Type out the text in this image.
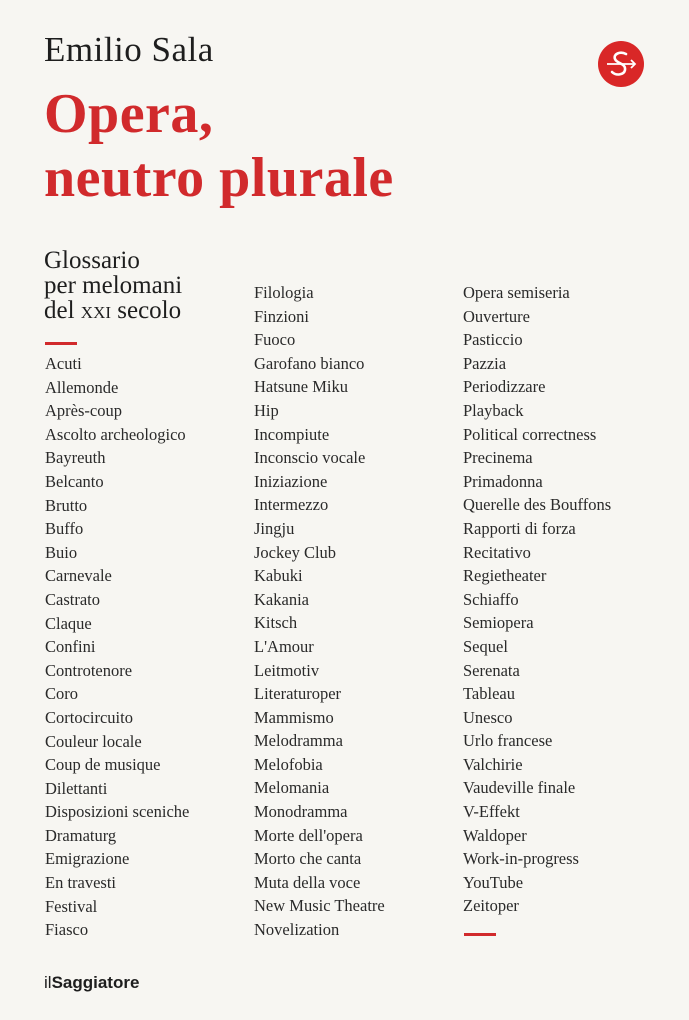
Emilio Sala
Opera,
neutro plurale
Glossario
per melomani
del xxi secolo
Acuti
Allemonde
Après-coup
Ascolto archeologico
Bayreuth
Belcanto
Brutto
Buffo
Buio
Carnevale
Castrato
Claque
Confini
Controtenore
Coro
Cortocircuito
Couleur locale
Coup de musique
Dilettanti
Disposizioni sceniche
Dramaturg
Emigrazione
En travesti
Festival
Fiasco
Filologia
Finzioni
Fuoco
Garofano bianco
Hatsune Miku
Hip
Incompiute
Inconscio vocale
Iniziazione
Intermezzo
Jingju
Jockey Club
Kabuki
Kakania
Kitsch
L'Amour
Leitmotiv
Literaturoper
Mammismo
Melodramma
Melofobia
Melomania
Monodramma
Morte dell'opera
Morto che canta
Muta della voce
New Music Theatre
Novelization
Opera semiseria
Ouverture
Pasticcio
Pazzia
Periodizzare
Playback
Political correctness
Precinema
Primadonna
Querelle des Bouffons
Rapporti di forza
Recitativo
Regietheater
Schiaffo
Semiopera
Sequel
Serenata
Tableau
Unesco
Urlo francese
Valchirie
Vaudeville finale
V-Effekt
Waldoper
Work-in-progress
YouTube
Zeitoper
ilSaggiatore
